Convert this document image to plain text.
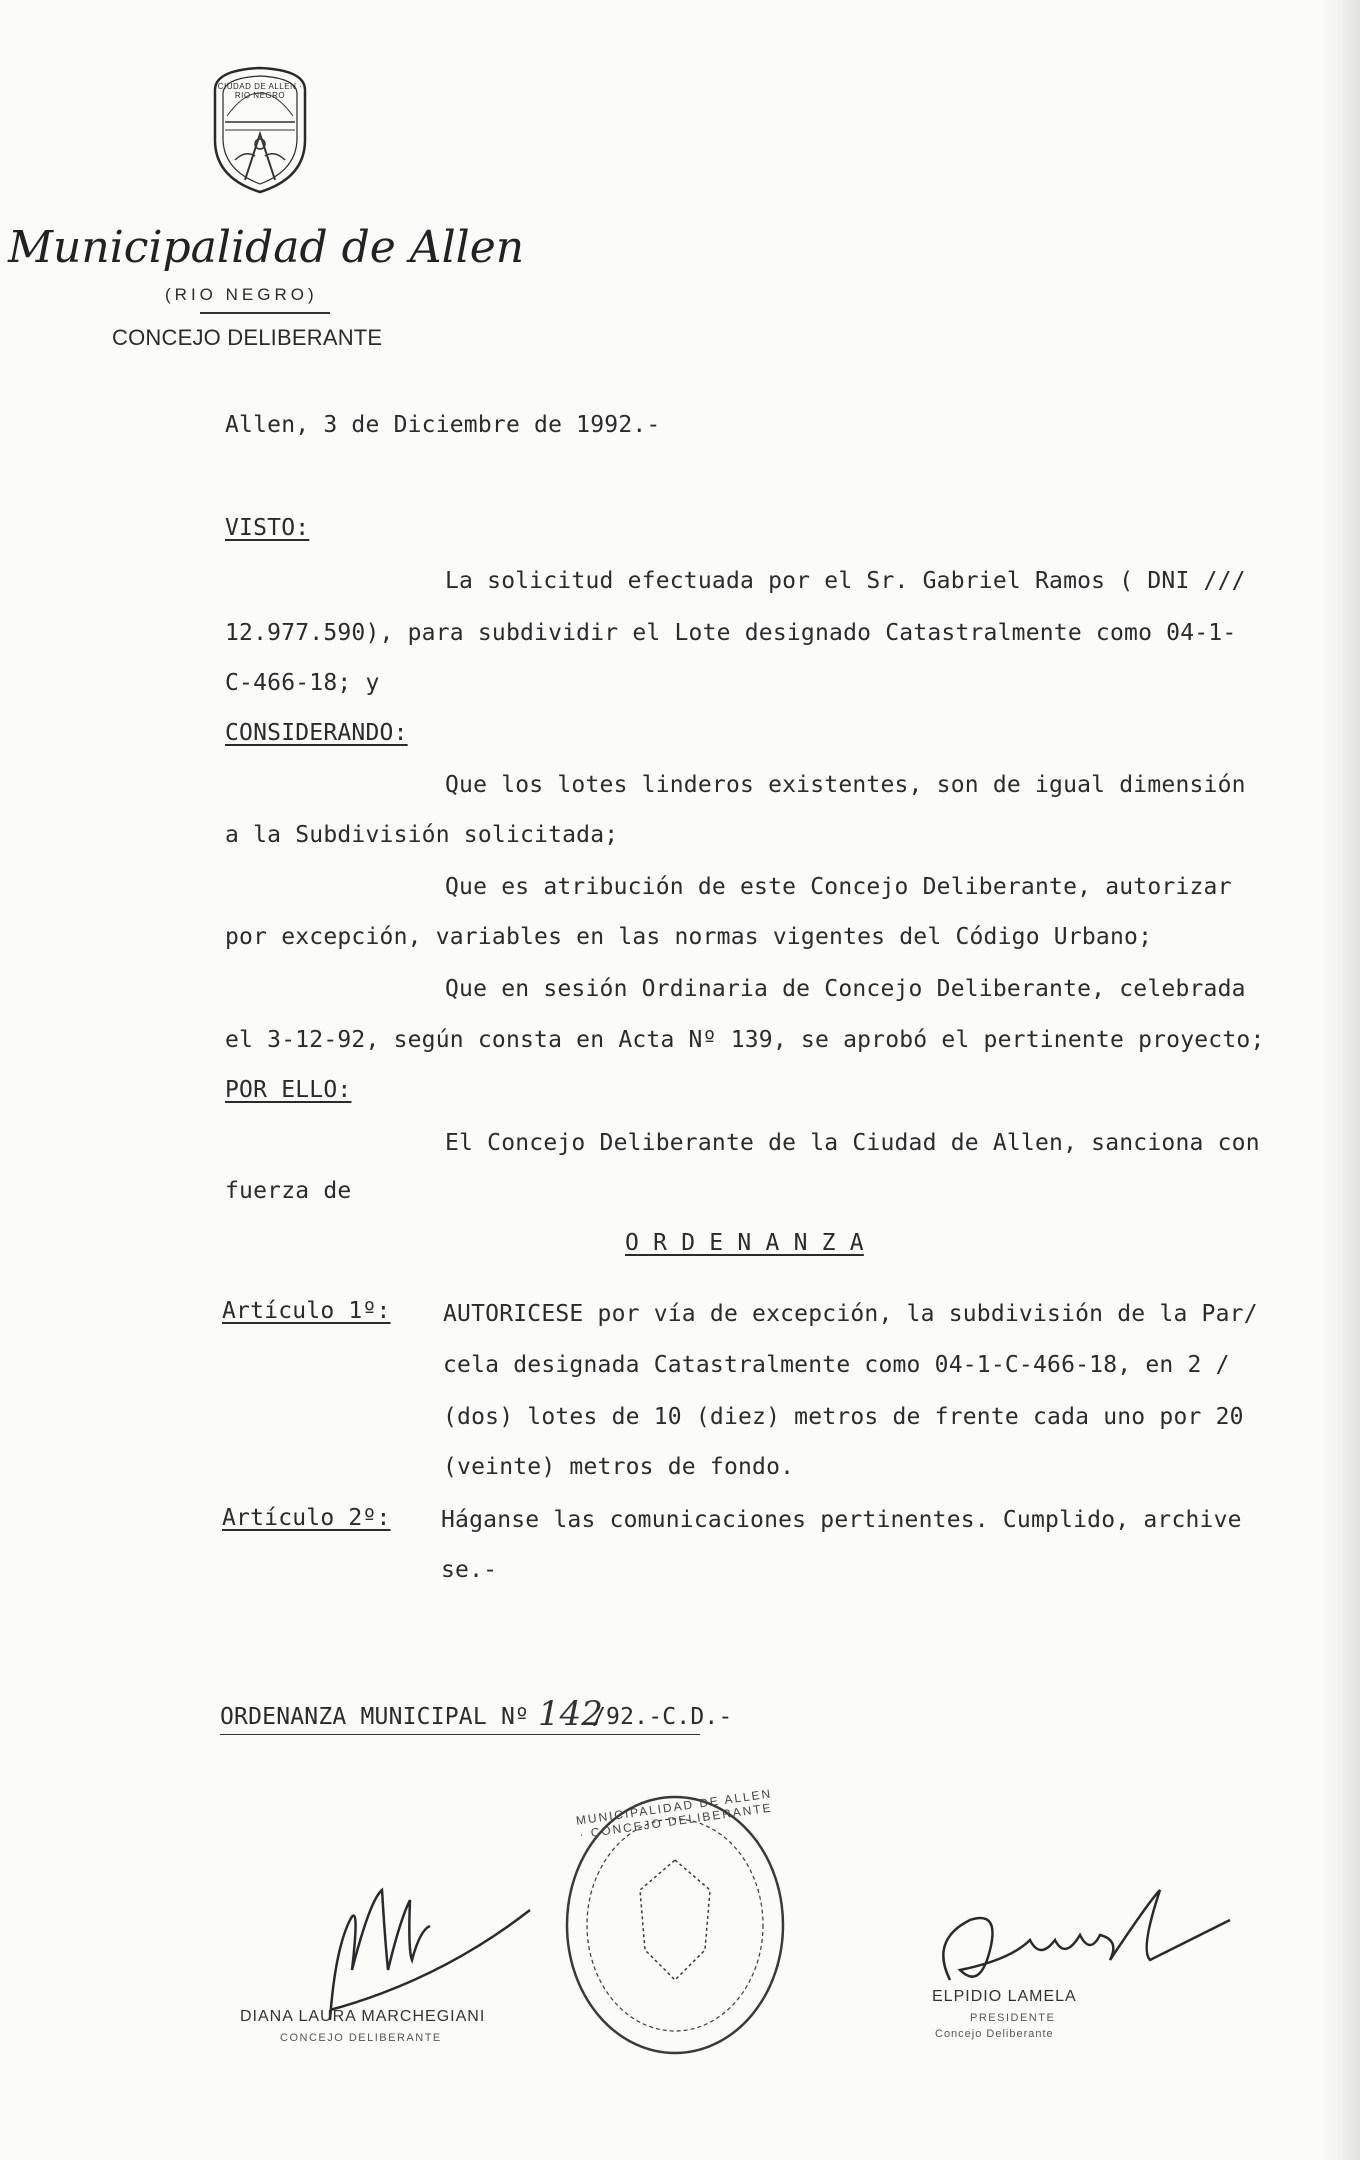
CIUDAD DE ALLEN · RIO NEGRO
Municipalidad de Allen
(RIO NEGRO)
CONCEJO DELIBERANTE
Allen, 3 de Diciembre de 1992.-
VISTO:
La solicitud efectuada por el Sr. Gabriel Ramos ( DNI ///
12.977.590), para subdividir el Lote designado Catastralmente como 04-1-
C-466-18; y
CONSIDERANDO:
Que los lotes linderos existentes, son de igual dimensión
a la Subdivisión solicitada;
Que es atribución de este Concejo Deliberante, autorizar
por excepción, variables en las normas vigentes del Código Urbano;
Que en sesión Ordinaria de Concejo Deliberante, celebrada
el 3-12-92, según consta en Acta Nº 139, se aprobó el pertinente proyecto;
POR ELLO:
El Concejo Deliberante de la Ciudad de Allen, sanciona con
fuerza de
O R D E N A N Z A
Artículo 1º: AUTORICESE por vía de excepción, la subdivisión de la Par/
cela designada Catastralmente como 04-1-C-466-18, en 2 /
(dos) lotes de 10 (diez) metros de frente cada uno por 20
(veinte) metros de fondo.
Artículo 2º: Háganse las comunicaciones pertinentes. Cumplido, archive
se.-
ORDENANZA MUNICIPAL Nº 142
/92.-C.D.-
MUNICIPALIDAD DE ALLEN · CONCEJO DELIBERANTE
DIANA LAURA MARCHEGIANI
CONCEJO DELIBERANTE
ELPIDIO LAMELA
PRESIDENTE
Concejo Deliberante
